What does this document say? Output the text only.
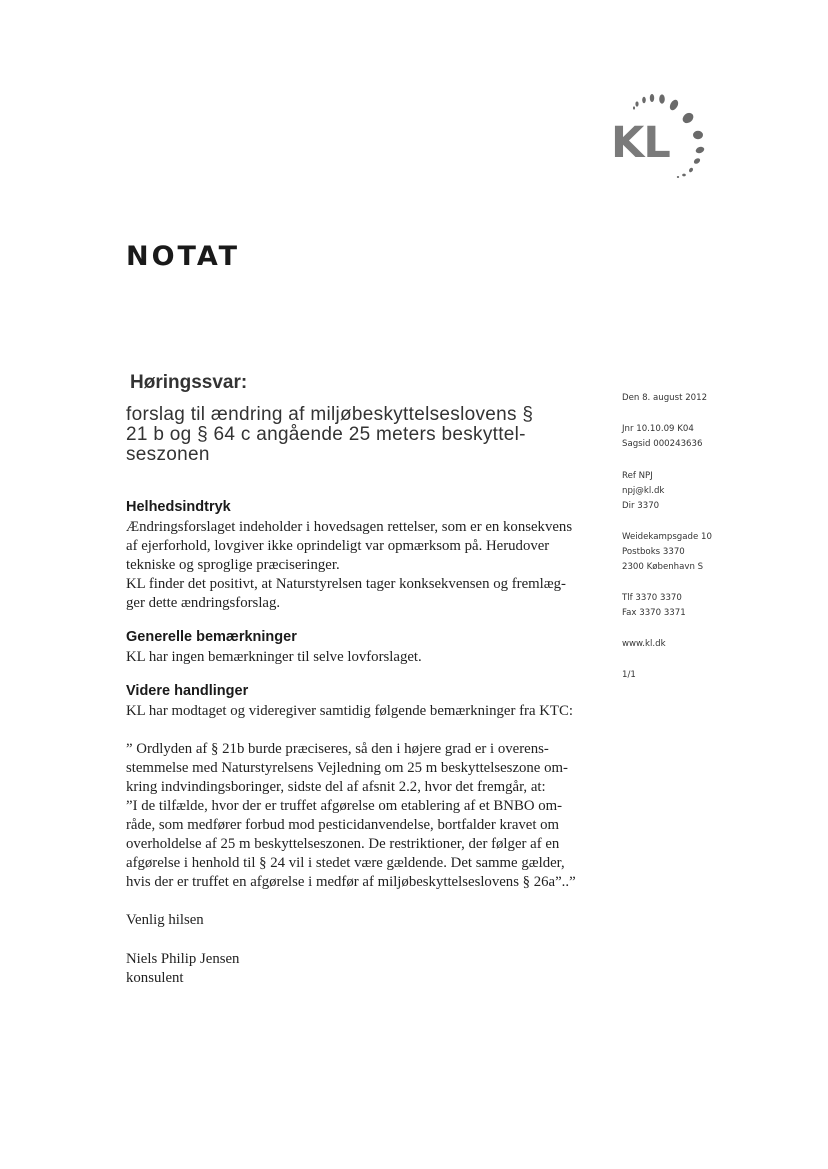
KL
NOTAT
Høringssvar:
forslag til ændring af miljøbeskyttelseslovens §
21 b og § 64 c angående 25 meters beskyttel-
seszonen
Helhedsindtryk
Ændringsforslaget indeholder i hovedsagen rettelser, som er en konsekvens
af ejerforhold, lovgiver ikke oprindeligt var opmærksom på. Herudover
tekniske og sproglige præciseringer.
KL finder det positivt, at Naturstyrelsen tager konksekvensen og fremlæg-
ger dette ændringsforslag.
Generelle bemærkninger
KL har ingen bemærkninger til selve lovforslaget.
Videre handlinger
KL har modtaget og videregiver samtidig følgende bemærkninger fra KTC:
” Ordlyden af § 21b burde præciseres, så den i højere grad er i overens-
stemmelse med Naturstyrelsens Vejledning om 25 m beskyttelseszone om-
kring indvindingsboringer, sidste del af afsnit 2.2, hvor det fremgår, at:
”I de tilfælde, hvor der er truffet afgørelse om etablering af et BNBO om-
råde, som medfører forbud mod pesticidanvendelse, bortfalder kravet om
overholdelse af 25 m beskyttelseszonen. De restriktioner, der følger af en
afgørelse i henhold til § 24 vil i stedet være gældende. Det samme gælder,
hvis der er truffet en afgørelse i medfør af miljøbeskyttelseslovens § 26a”..”
Venlig hilsen
Niels Philip Jensen
konsulent
Den 8. august 2012
Jnr 10.10.09 K04
Sagsid 000243636
Ref NPJ
npj@kl.dk
Dir 3370
Weidekampsgade 10
Postboks 3370
2300 København S
Tlf 3370 3370
Fax 3370 3371
www.kl.dk
1/1
